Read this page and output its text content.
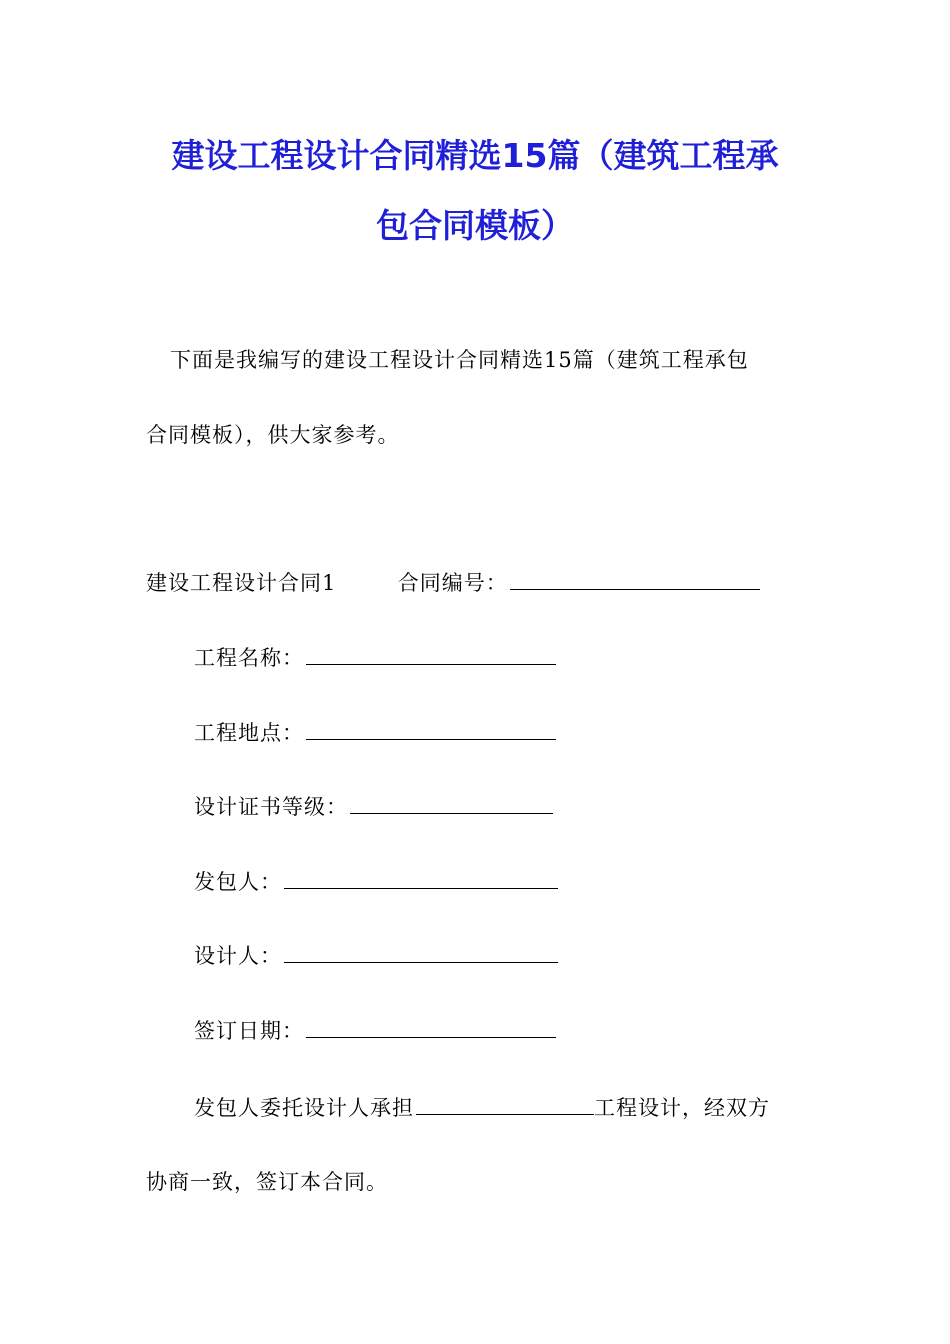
建设工程设计合同精选15篇（建筑工程承
包合同模板）
下面是我编写的建设工程设计合同精选15篇（建筑工程承包
合同模板），供大家参考。
建设工程设计合同1	合同编号：
工程名称：
工程地点：
设计证书等级：
发包人：
设计人：
签订日期：
发包人委托设计人承担	工程设计，经双方
协商一致，签订本合同。
